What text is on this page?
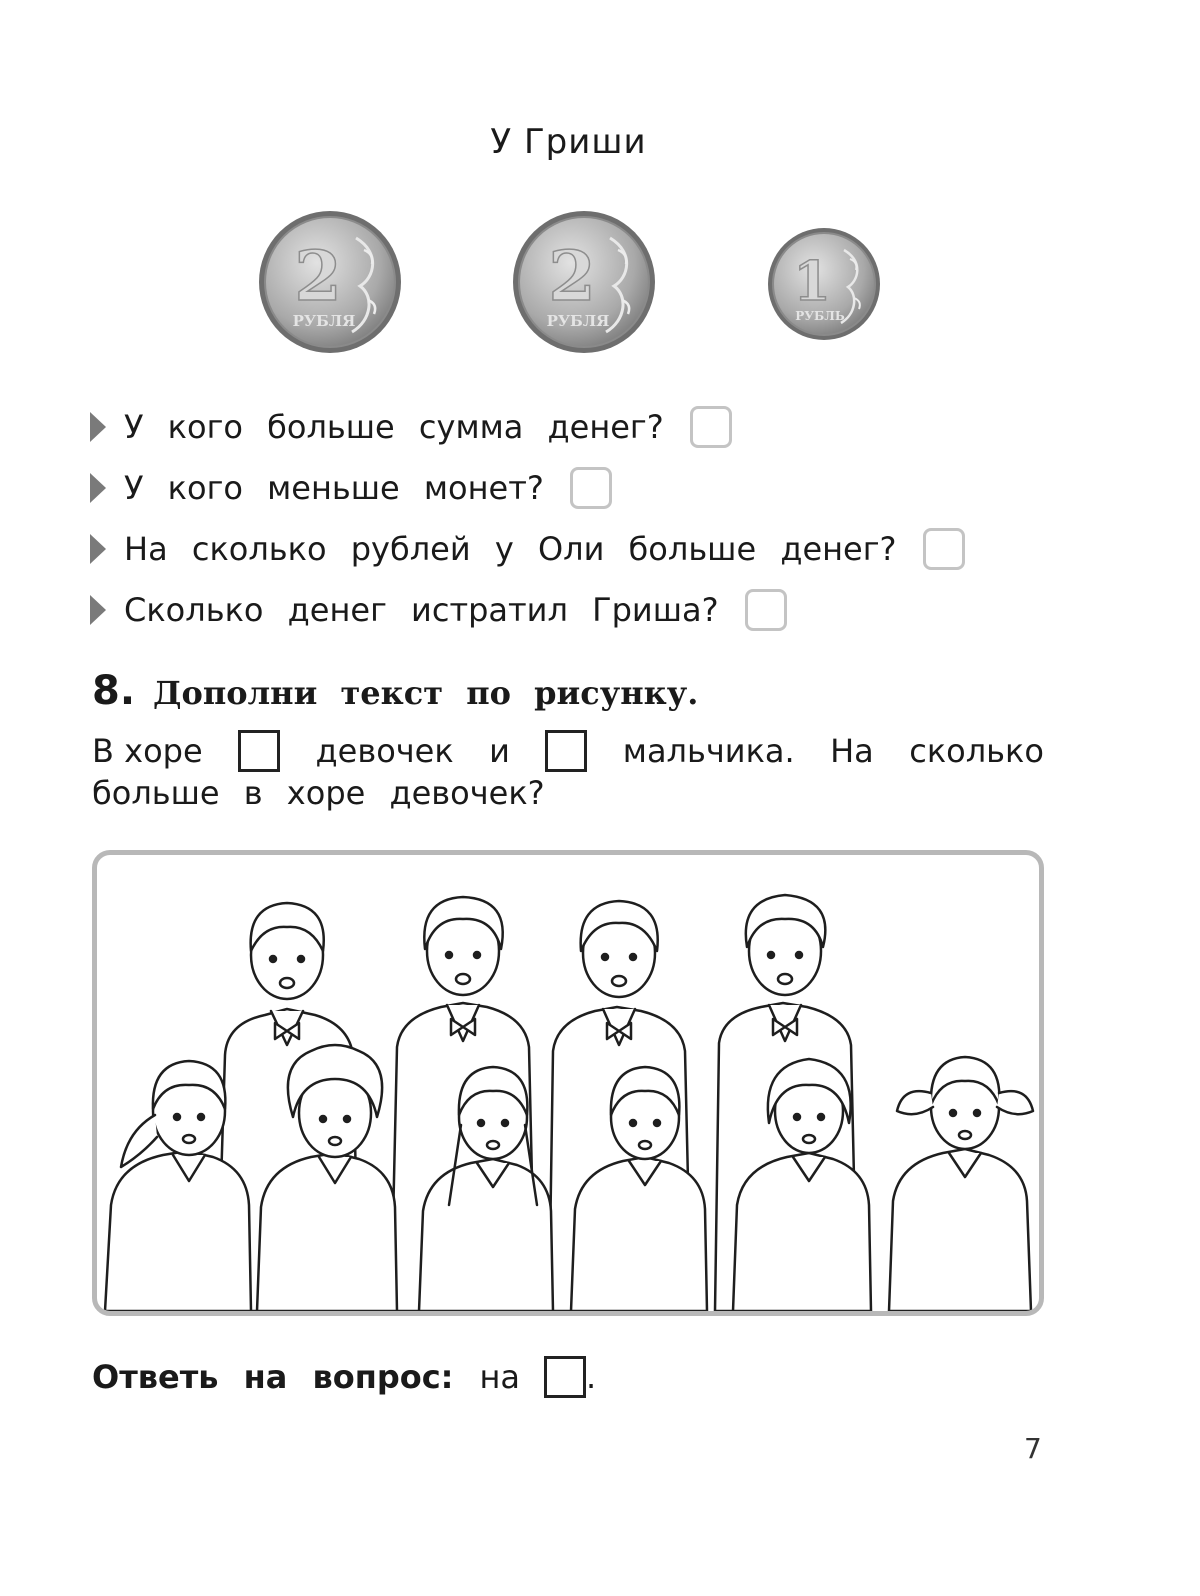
У Гриши
2
РУБЛЯ
2
РУБЛЯ
1
РУБЛЬ
У кого больше сумма денег?
У кого меньше монет?
На сколько рублей у Оли больше денег?
Сколько денег истратил Гриша?
8. Дополни текст по рисунку.
В хоре	девочек и	мальчика. На сколько
больше в хоре девочек?
Ответь на вопрос: на .
7
